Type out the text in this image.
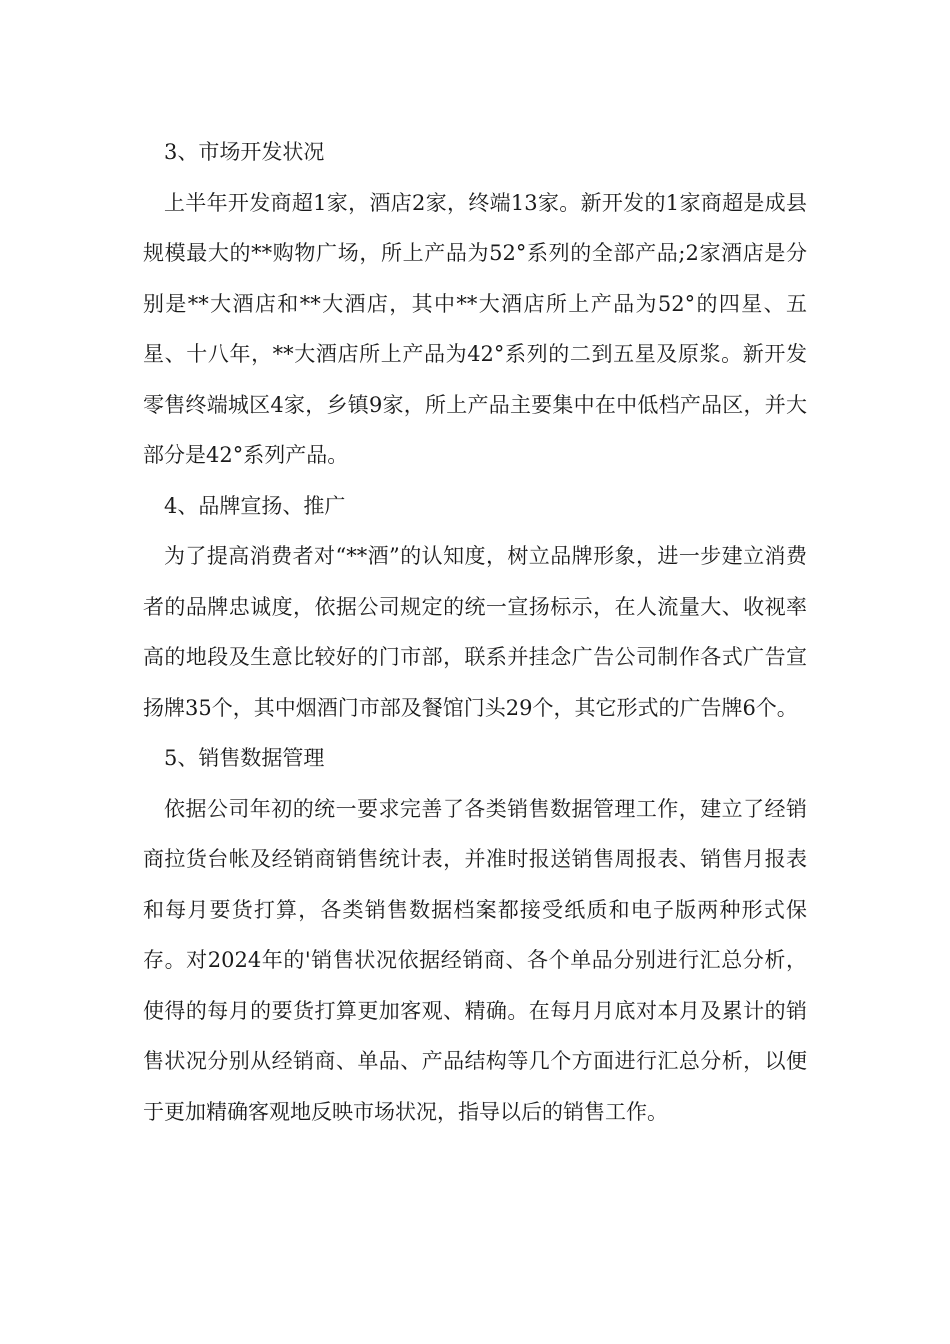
3、市场开发状况

上半年开发商超1家，酒店2家，终端13家。新开发的1家商超是成县规模最大的**购物广场，所上产品为52°系列的全部产品;2家酒店是分别是**大酒店和**大酒店，其中**大酒店所上产品为52°的四星、五星、十八年，**大酒店所上产品为42°系列的二到五星及原浆。新开发零售终端城区4家，乡镇9家，所上产品主要集中在中低档产品区，并大部分是42°系列产品。

4、品牌宣扬、推广

为了提高消费者对“**酒”的认知度，树立品牌形象，进一步建立消费者的品牌忠诚度，依据公司规定的统一宣扬标示，在人流量大、收视率高的地段及生意比较好的门市部，联系并挂念广告公司制作各式广告宣扬牌35个，其中烟酒门市部及餐馆门头29个，其它形式的广告牌6个。

5、销售数据管理

依据公司年初的统一要求完善了各类销售数据管理工作，建立了经销商拉货台帐及经销商销售统计表，并准时报送销售周报表、销售月报表和每月要货打算，各类销售数据档案都接受纸质和电子版两种形式保存。对2024年的'销售状况依据经销商、各个单品分别进行汇总分析，使得的每月的要货打算更加客观、精确。在每月月底对本月及累计的销售状况分别从经销商、单品、产品结构等几个方面进行汇总分析，以便于更加精确客观地反映市场状况，指导以后的销售工作。
